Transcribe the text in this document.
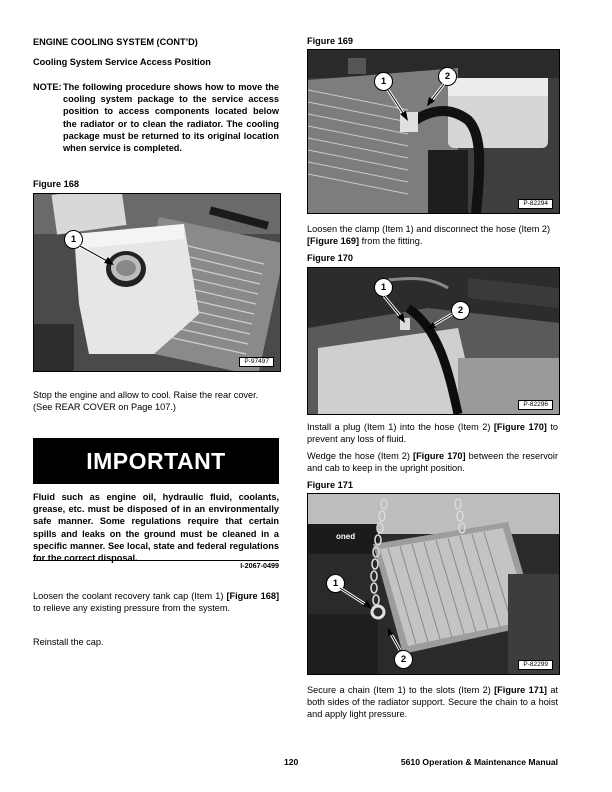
ENGINE COOLING SYSTEM (CONT’D)
Cooling System Service Access Position
NOTE: The following procedure shows how to move the cooling system package to the service access position to access components located below the radiator or to clean the radiator. The cooling package must be returned to its original location when service is completed.
Figure 168
1
P-97497
Stop the engine and allow to cool. Raise the rear cover. (See REAR COVER on Page 107.)
IMPORTANT
Fluid such as engine oil, hydraulic fluid, coolants, grease, etc. must be disposed of in an environmentally safe manner. Some regulations require that certain spills and leaks on the ground must be cleaned in a specific manner. See local, state and federal regulations for the correct disposal.
I-2067-0499
Loosen the coolant recovery tank cap (Item 1) [Figure 168] to relieve any existing pressure from the system.
Reinstall the cap.
Figure 169
1	2
P-82294
Loosen the clamp (Item 1) and disconnect the hose (Item 2) [Figure 169] from the fitting.
Figure 170
1
2
P-82296
Install a plug (Item 1) into the hose (Item 2) [Figure 170] to prevent any loss of fluid.
Wedge the hose (Item 2) [Figure 170] between the reservoir and cab to keep in the upright position.
Figure 171
oned
1
2	P-82299
Secure a chain (Item 1) to the slots (Item 2) [Figure 171] at both sides of the radiator support. Secure the chain to a hoist and apply light pressure.
120	5610 Operation & Maintenance Manual
